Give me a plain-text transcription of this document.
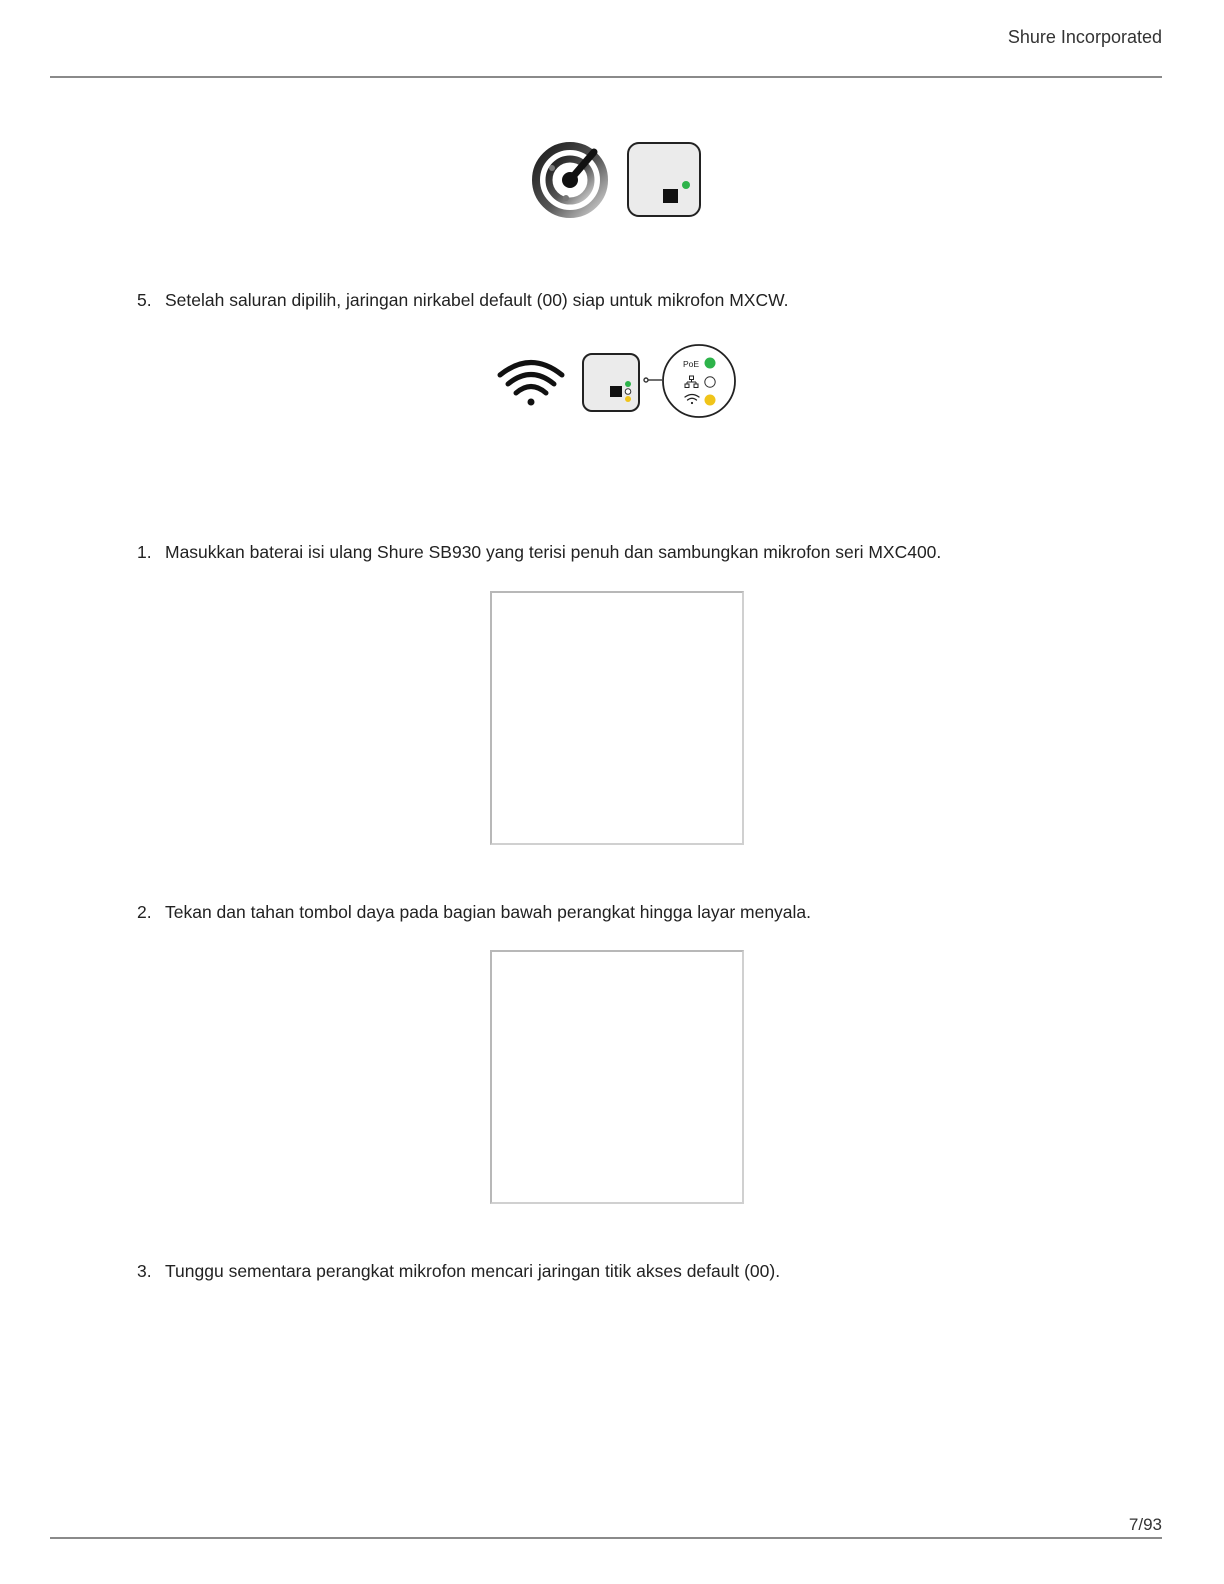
Shure Incorporated
5. Setelah saluran dipilih, jaringan nirkabel default (00) siap untuk mikrofon MXCW.
PoE
1. Masukkan baterai isi ulang Shure SB930 yang terisi penuh dan sambungkan mikrofon seri MXC400.
2. Tekan dan tahan tombol daya pada bagian bawah perangkat hingga layar menyala.
3. Tunggu sementara perangkat mikrofon mencari jaringan titik akses default (00).
7/93
